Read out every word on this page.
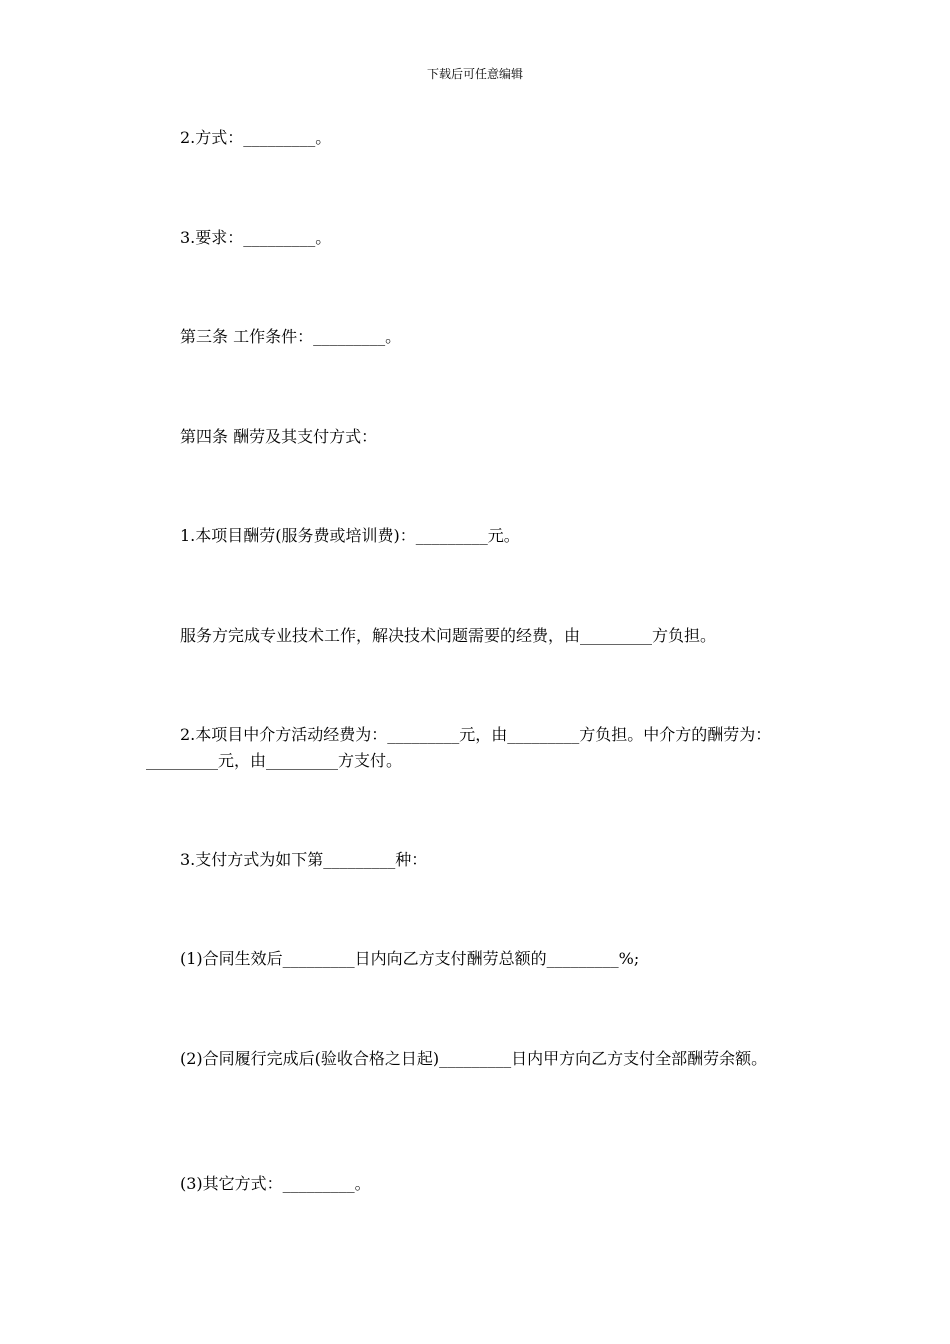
下载后可任意编辑
2.方式：_________。
3.要求：_________。
第三条 工作条件：_________。
第四条 酬劳及其支付方式：
1.本项目酬劳(服务费或培训费)：_________元。
服务方完成专业技术工作，解决技术问题需要的经费，由_________方负担。
2.本项目中介方活动经费为：_________元，由_________方负担。中介方的酬劳为：_________元，由_________方支付。
3.支付方式为如下第_________种：
(1)合同生效后_________日内向乙方支付酬劳总额的_________%;
(2)合同履行完成后(验收合格之日起)_________日内甲方向乙方支付全部酬劳余额。
(3)其它方式：_________。
